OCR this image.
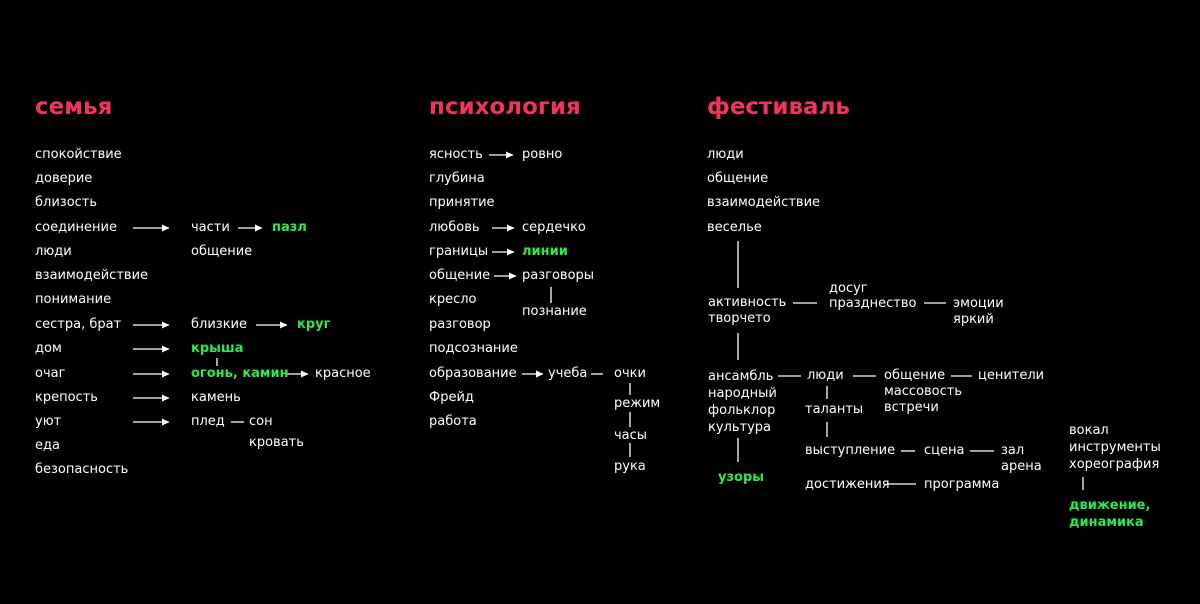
семья
спокойствие
доверие
близость
соединение
люди
взаимодействие
понимание
сестра, брат
дом
очаг
крепость
уют
еда
безопасность
части	пазл
общение
близкие	круг
крыша
огонь, камин красное
камень
плед сон
кровать
психология
ясность
глубина
принятие
любовь
границы
общение
кресло
разговор
подсознание
образование
Фрейд
работа
ровно
сердечко
линии
разговоры
познание
учеба очки
режим
часы
рука
фестиваль
люди
общение
взаимодействие
веселье
активность
творчето
досуг
празднество	эмоции
яркий
ансамбль
народный
фольклор
культура
люди
таланты
общение
массовость
встречи
ценители
узоры
выступление сцена	зал
арена
достижения	программа
вокал
инструменты
хореография
движение,
динамика
